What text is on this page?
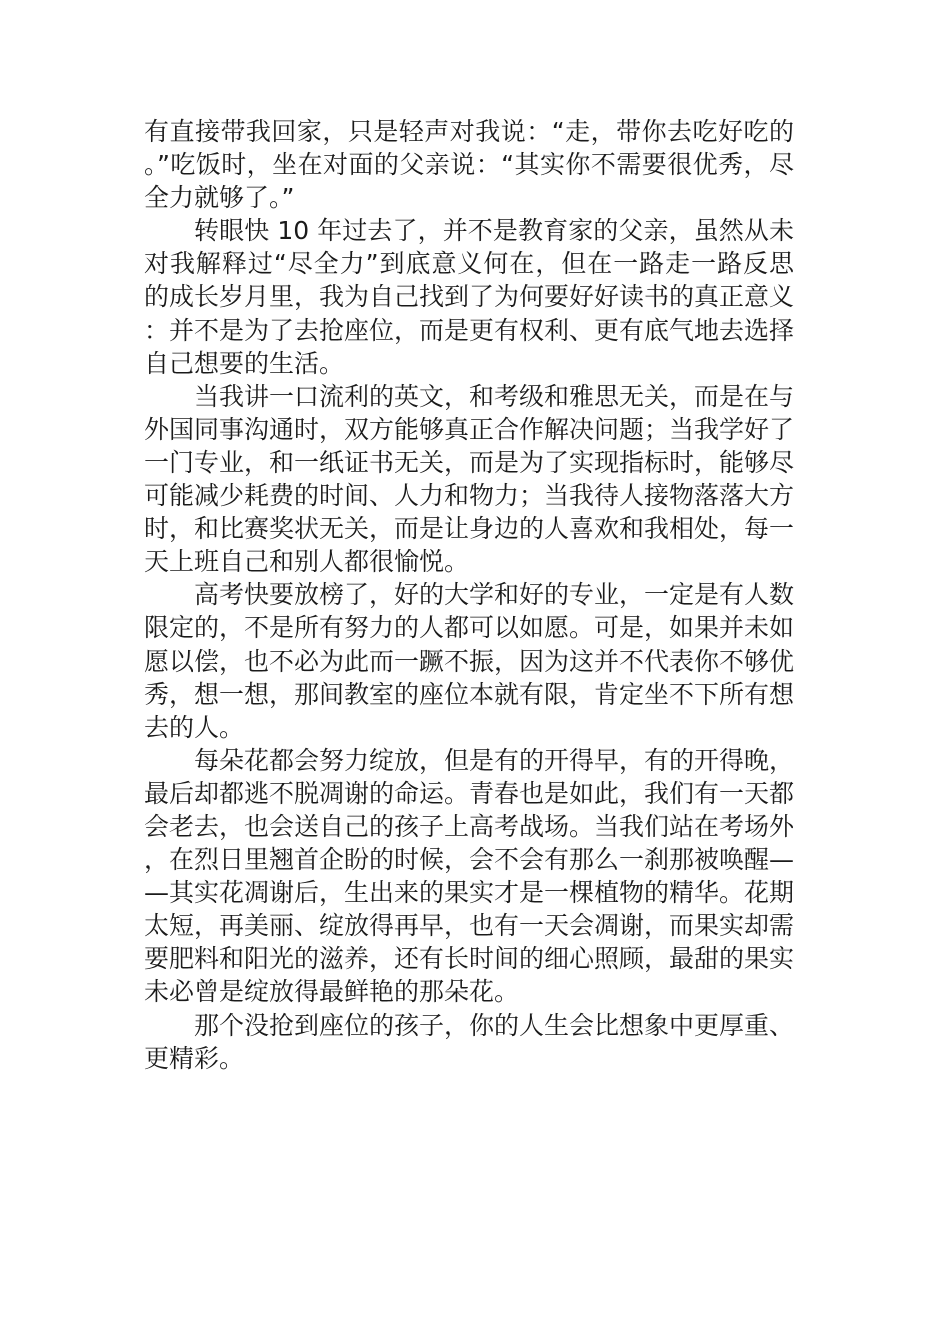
有直接带我回家，只是轻声对我说：“走，带你去吃好吃的。”吃饭时，坐在对面的父亲说：“其实你不需要很优秀，尽全力就够了。”

转眼快 10 年过去了，并不是教育家的父亲，虽然从未对我解释过“尽全力”到底意义何在，但在一路走一路反思的成长岁月里，我为自己找到了为何要好好读书的真正意义：并不是为了去抢座位，而是更有权利、更有底气地去选择自己想要的生活。

当我讲一口流利的英文，和考级和雅思无关，而是在与外国同事沟通时，双方能够真正合作解决问题；当我学好了一门专业，和一纸证书无关，而是为了实现指标时，能够尽可能减少耗费的时间、人力和物力；当我待人接物落落大方时，和比赛奖状无关，而是让身边的人喜欢和我相处，每一天上班自己和别人都很愉悦。

高考快要放榜了，好的大学和好的专业，一定是有人数限定的，不是所有努力的人都可以如愿。可是，如果并未如愿以偿，也不必为此而一蹶不振，因为这并不代表你不够优秀，想一想，那间教室的座位本就有限，肯定坐不下所有想去的人。

每朵花都会努力绽放，但是有的开得早，有的开得晚，最后却都逃不脱凋谢的命运。青春也是如此，我们有一天都会老去，也会送自己的孩子上高考战场。当我们站在考场外，在烈日里翘首企盼的时候，会不会有那么一刹那被唤醒——其实花凋谢后，生出来的果实才是一棵植物的精华。花期太短，再美丽、绽放得再早，也有一天会凋谢，而果实却需要肥料和阳光的滋养，还有长时间的细心照顾，最甜的果实未必曾是绽放得最鲜艳的那朵花。

那个没抢到座位的孩子，你的人生会比想象中更厚重、更精彩。
